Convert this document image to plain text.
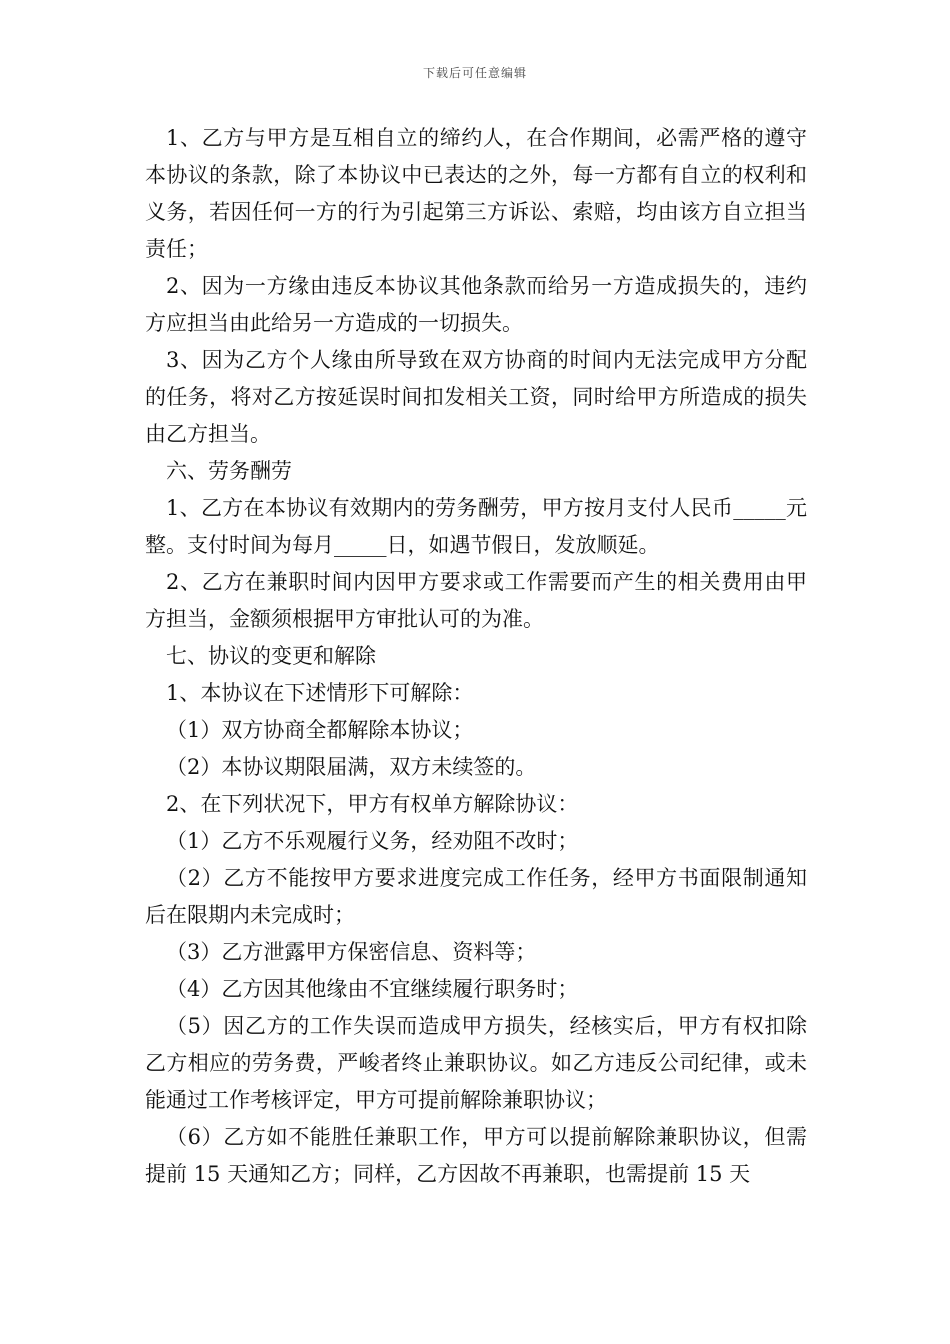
下载后可任意编辑

1、乙方与甲方是互相自立的缔约人，在合作期间，必需严格的遵守本协议的条款，除了本协议中已表达的之外，每一方都有自立的权利和义务，若因任何一方的行为引起第三方诉讼、索赔，均由该方自立担当责任；

2、因为一方缘由违反本协议其他条款而给另一方造成损失的，违约方应担当由此给另一方造成的一切损失。

3、因为乙方个人缘由所导致在双方协商的时间内无法完成甲方分配的任务，将对乙方按延误时间扣发相关工资，同时给甲方所造成的损失由乙方担当。

六、劳务酬劳

1、乙方在本协议有效期内的劳务酬劳，甲方按月支付人民币_____元整。支付时间为每月_____日，如遇节假日，发放顺延。

2、乙方在兼职时间内因甲方要求或工作需要而产生的相关费用由甲方担当，金额须根据甲方审批认可的为准。

七、协议的变更和解除

1、本协议在下述情形下可解除：

（1）双方协商全都解除本协议；

（2）本协议期限届满，双方未续签的。

2、在下列状况下，甲方有权单方解除协议：

（1）乙方不乐观履行义务，经劝阻不改时；

（2）乙方不能按甲方要求进度完成工作任务，经甲方书面限制通知后在限期内未完成时；

（3）乙方泄露甲方保密信息、资料等；

（4）乙方因其他缘由不宜继续履行职务时；

（5）因乙方的工作失误而造成甲方损失，经核实后，甲方有权扣除乙方相应的劳务费，严峻者终止兼职协议。如乙方违反公司纪律，或未能通过工作考核评定，甲方可提前解除兼职协议；

（6）乙方如不能胜任兼职工作，甲方可以提前解除兼职协议，但需提前 15 天通知乙方；同样，乙方因故不再兼职，也需提前 15 天
